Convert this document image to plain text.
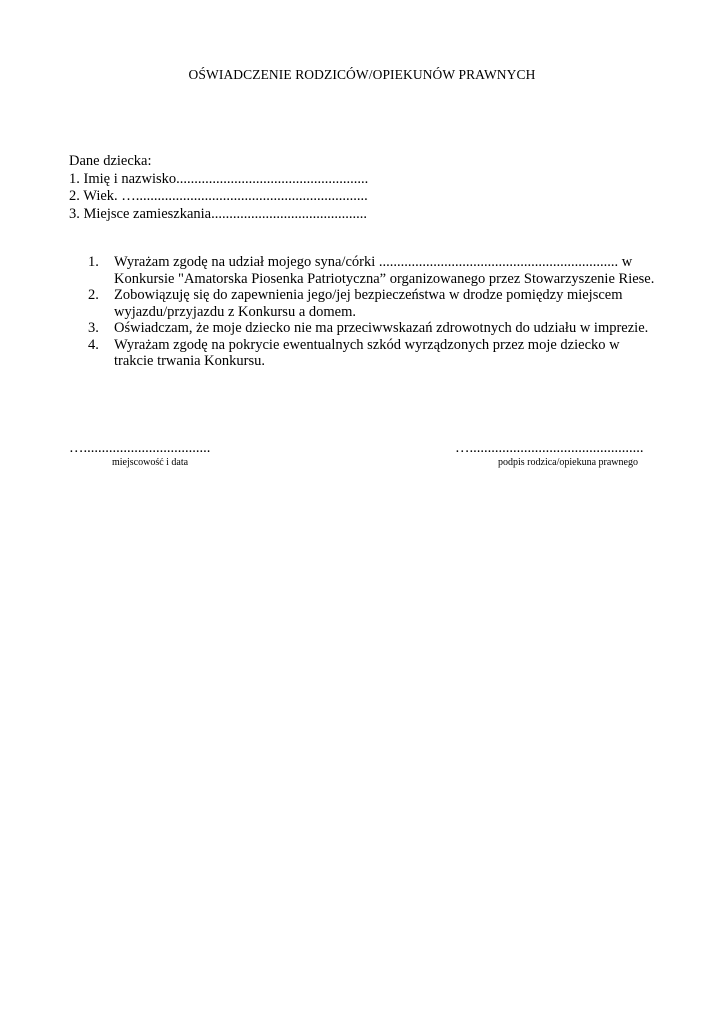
OŚWIADCZENIE RODZICÓW/OPIEKUNÓW PRAWNYCH
Dane dziecka:
1. Imię i nazwisko.....................................................
2. Wiek. …................................................................
3. Miejsce zamieszkania...........................................
1. Wyrażam zgodę na udział mojego syna/córki .................................................................. w Konkursie "Amatorska Piosenka Patriotyczna” organizowanego przez Stowarzyszenie Riese.
2. Zobowiązuję się do zapewnienia jego/jej bezpieczeństwa w drodze pomiędzy miejscem wyjazdu/przyjazdu z Konkursu a domem.
3. Oświadczam, że moje dziecko nie ma przeciwwskazań zdrowotnych do udziału w imprezie.
4. Wyrażam zgodę na pokrycie ewentualnych szkód wyrządzonych przez moje dziecko w trakcie trwania Konkursu.
…...................................
miejscowość i data
…................................................
podpis rodzica/opiekuna prawnego
